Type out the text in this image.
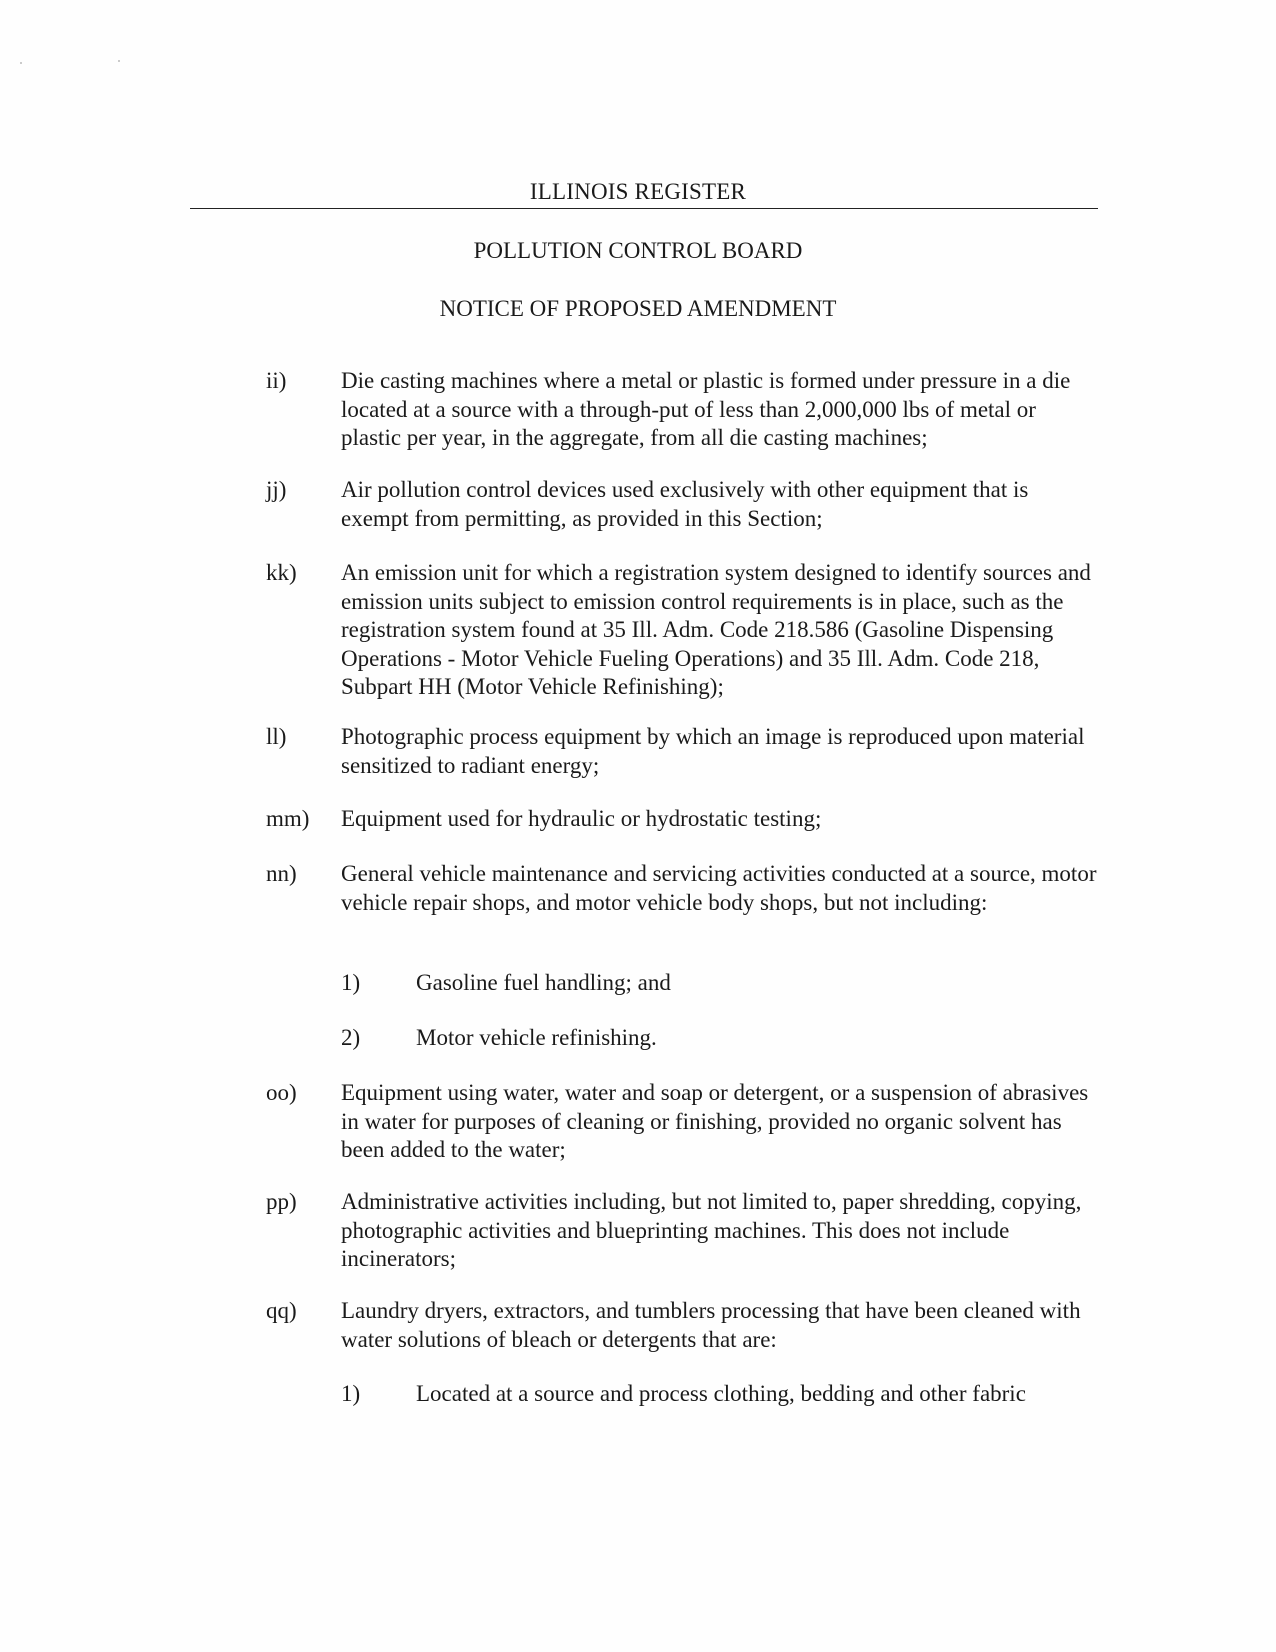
ILLINOIS REGISTER
POLLUTION CONTROL BOARD
NOTICE OF PROPOSED AMENDMENT
ii) Die casting machines where a metal or plastic is formed under pressure in a die located at a source with a through-put of less than 2,000,000 lbs of metal or plastic per year, in the aggregate, from all die casting machines;
jj) Air pollution control devices used exclusively with other equipment that is exempt from permitting, as provided in this Section;
kk) An emission unit for which a registration system designed to identify sources and emission units subject to emission control requirements is in place, such as the registration system found at 35 Ill. Adm. Code 218.586 (Gasoline Dispensing Operations - Motor Vehicle Fueling Operations) and 35 Ill. Adm. Code 218, Subpart HH (Motor Vehicle Refinishing);
ll) Photographic process equipment by which an image is reproduced upon material sensitized to radiant energy;
mm) Equipment used for hydraulic or hydrostatic testing;
nn) General vehicle maintenance and servicing activities conducted at a source, motor vehicle repair shops, and motor vehicle body shops, but not including:
1) Gasoline fuel handling; and
2) Motor vehicle refinishing.
oo) Equipment using water, water and soap or detergent, or a suspension of abrasives in water for purposes of cleaning or finishing, provided no organic solvent has been added to the water;
pp) Administrative activities including, but not limited to, paper shredding, copying, photographic activities and blueprinting machines. This does not include incinerators;
qq) Laundry dryers, extractors, and tumblers processing that have been cleaned with water solutions of bleach or detergents that are:
1) Located at a source and process clothing, bedding and other fabric
